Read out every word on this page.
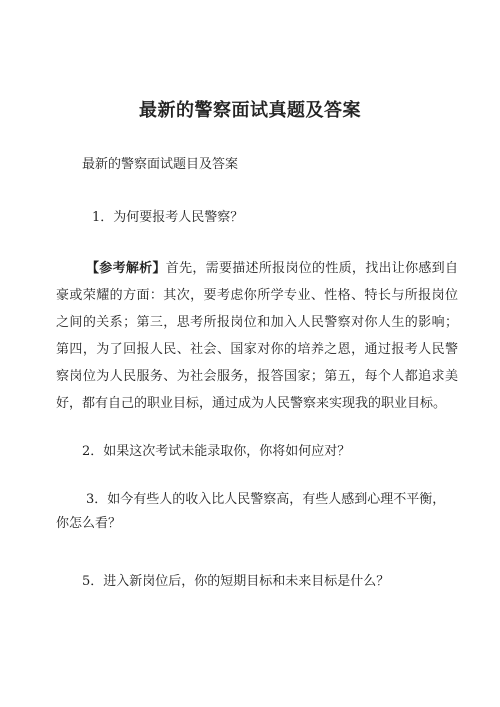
最新的警察面试真题及答案
最新的警察面试题目及答案
1．为何要报考人民警察？
【参考解析】首先，需要描述所报岗位的性质，找出让你感到自豪或荣耀的方面：其次，要考虑你所学专业、性格、特长与所报岗位之间的关系；第三，思考所报岗位和加入人民警察对你人生的影响；第四，为了回报人民、社会、国家对你的培养之恩，通过报考人民警察岗位为人民服务、为社会服务，报答国家；第五，每个人都追求美好，都有自己的职业目标，通过成为人民警察来实现我的职业目标。
2．如果这次考试未能录取你，你将如何应对？
3．如今有些人的收入比人民警察高，有些人感到心理不平衡，你怎么看？
5．进入新岗位后，你的短期目标和未来目标是什么？
